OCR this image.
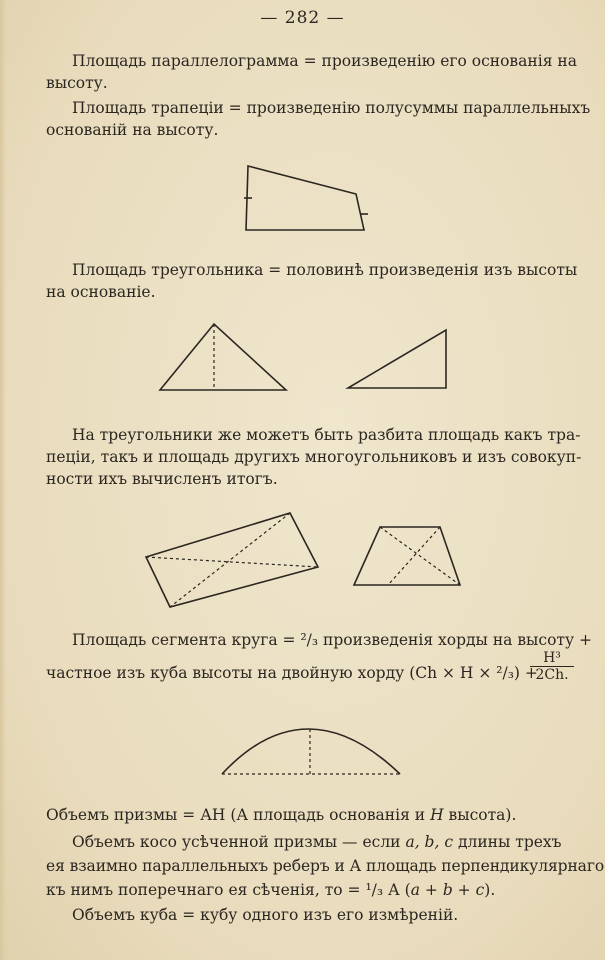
— 282 —
Площадь параллелограмма = произведенію его основанія на
высоту.
Площадь трапеціи = произведенію полусуммы параллельныхъ
основаній на высоту.
Площадь треугольника = половинѣ произведенія изъ высоты
на основаніе.
На треугольники же можетъ быть разбита площадь какъ тра-
пеціи, такъ и площадь другихъ многоугольниковъ и изъ совокуп-
ности ихъ вычисленъ итогъ.
Площадь сегмента круга = ²/₃ произведенія хорды на высоту +
частное изъ куба высоты на двойную хорду (Ch × H × ²/₃) +
$\frac{\text{H³}}{2Ch.}$
Объемъ призмы = АН (А площадь основанія и H высота).
Объемъ косо усѣченной призмы — если a, b, c длины трехъ
ея взаимно параллельныхъ реберъ и А площадь перпендикулярнаго
къ нимъ поперечнаго ея сѣченія, то = ¹/₃ А (a + b + c).
Объемъ куба = кубу одного изъ его измѣреній.
